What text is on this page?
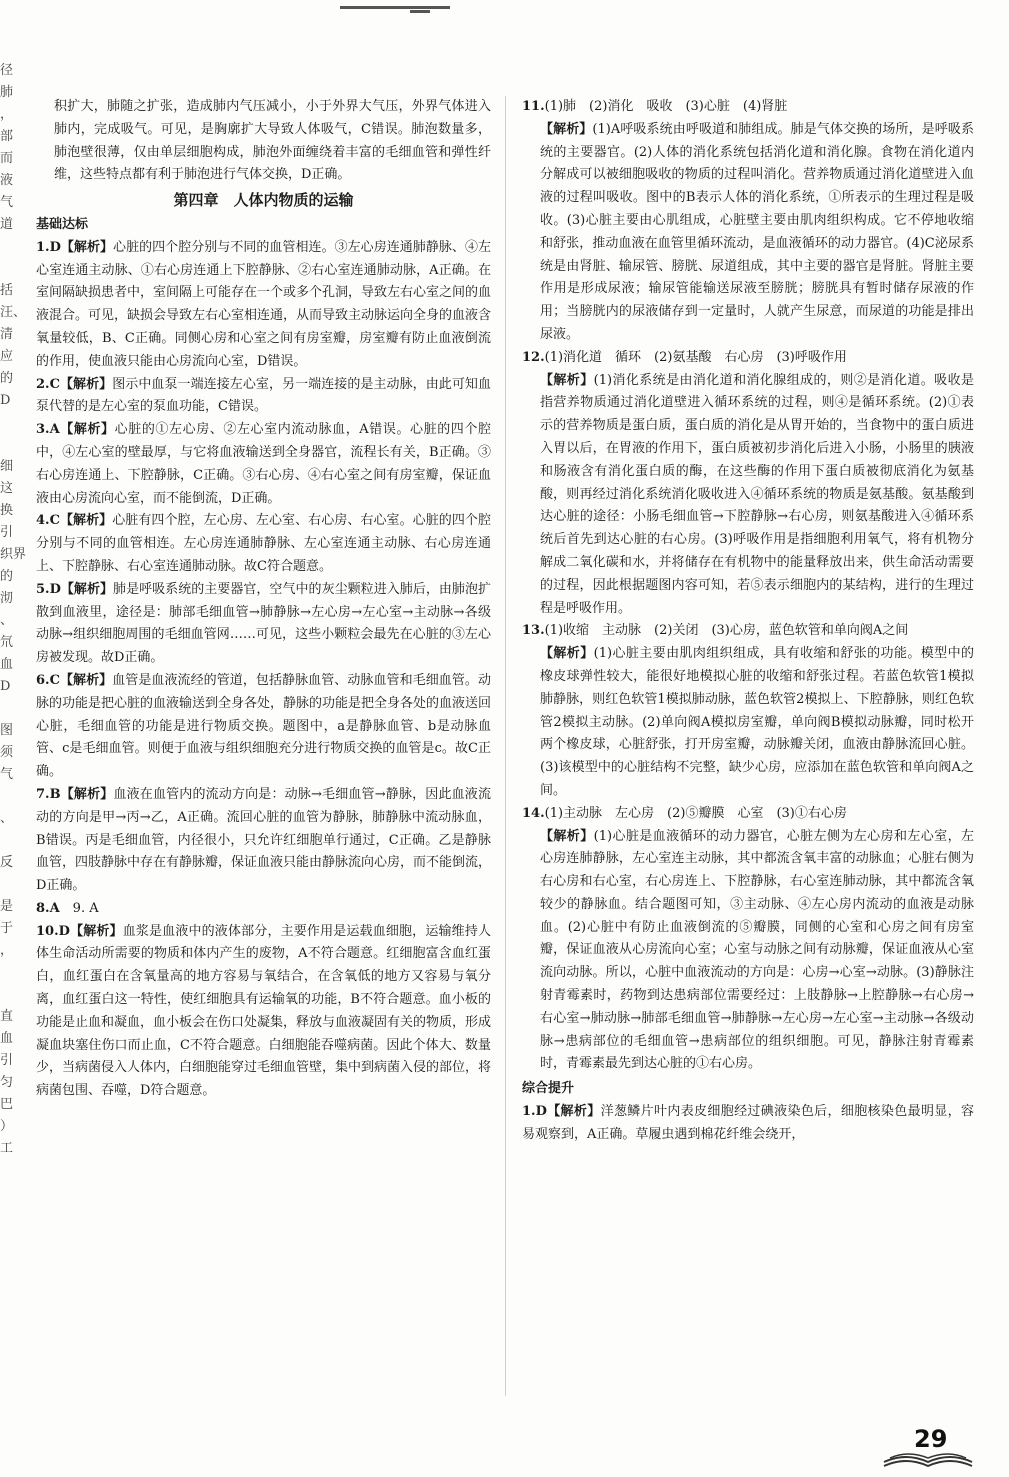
径
肺
，
部
而
液
气
道
括
汪、
清
应
的
D
细
这
换
引
织界
的
沏
、
氘
血
D
图
须
气
、
反
是
于
，
直
血
引
匀
巴
）
工

积扩大，肺随之扩张，造成肺内气压减小，小于外界大气压，外界气体进入肺内，完成吸气。可见，是胸廓扩大导致人体吸气，C错误。肺泡数量多，肺泡壁很薄，仅由单层细胞构成，肺泡外面缠绕着丰富的毛细血管和弹性纤维，这些特点都有利于肺泡进行气体交换，D正确。

第四章　人体内物质的运输
基础达标

1.D【解析】心脏的四个腔分别与不同的血管相连。③左心房连通肺静脉、④左心室连通主动脉、①右心房连通上下腔静脉、②右心室连通肺动脉，A正确。在室间隔缺损患者中，室间隔上可能存在一个或多个孔洞，导致左右心室之间的血液混合。可见，缺损会导致左右心室相连通，从而导致主动脉运向全身的血液含氧量较低，B、C正确。同侧心房和心室之间有房室瓣，房室瓣有防止血液倒流的作用，使血液只能由心房流向心室，D错误。

2.C【解析】图示中血泵一端连接左心室，另一端连接的是主动脉，由此可知血泵代替的是左心室的泵血功能，C错误。

3.A【解析】心脏的①左心房、②左心室内流动脉血，A错误。心脏的四个腔中，④左心室的壁最厚，与它将血液输送到全身器官，流程长有关，B正确。③右心房连通上、下腔静脉，C正确。③右心房、④右心室之间有房室瓣，保证血液由心房流向心室，而不能倒流，D正确。

4.C【解析】心脏有四个腔，左心房、左心室、右心房、右心室。心脏的四个腔分别与不同的血管相连。左心房连通肺静脉、左心室连通主动脉、右心房连通上、下腔静脉、右心室连通肺动脉。故C符合题意。

5.D【解析】肺是呼吸系统的主要器官，空气中的灰尘颗粒进入肺后，由肺泡扩散到血液里，途径是：肺部毛细血管→肺静脉→左心房→左心室→主动脉→各级动脉→组织细胞周围的毛细血管网……可见，这些小颗粒会最先在心脏的③左心房被发现。故D正确。

6.C【解析】血管是血液流经的管道，包括静脉血管、动脉血管和毛细血管。动脉的功能是把心脏的血液输送到全身各处，静脉的功能是把全身各处的血液送回心脏，毛细血管的功能是进行物质交换。题图中，a是静脉血管、b是动脉血管、c是毛细血管。则便于血液与组织细胞充分进行物质交换的血管是c。故C正确。

7.B【解析】血液在血管内的流动方向是：动脉→毛细血管→静脉，因此血液流动的方向是甲→丙→乙，A正确。流回心脏的血管为静脉，肺静脉中流动脉血，B错误。丙是毛细血管，内径很小，只允许红细胞单行通过，C正确。乙是静脉血管，四肢静脉中存在有静脉瓣，保证血液只能由静脉流向心房，而不能倒流，D正确。

8.A　9. A

10.D【解析】血浆是血液中的液体部分，主要作用是运载血细胞，运输维持人体生命活动所需要的物质和体内产生的废物，A不符合题意。红细胞富含血红蛋白，血红蛋白在含氧量高的地方容易与氧结合，在含氧低的地方又容易与氧分离，血红蛋白这一特性，使红细胞具有运输氧的功能，B不符合题意。血小板的功能是止血和凝血，血小板会在伤口处凝集，释放与血液凝固有关的物质，形成凝血块塞住伤口而止血，C不符合题意。白细胞能吞噬病菌。因此个体大、数量少，当病菌侵入人体内，白细胞能穿过毛细血管壁，集中到病菌入侵的部位，将病菌包围、吞噬，D符合题意。

11.(1)肺　(2)消化　吸收　(3)心脏　(4)肾脏

【解析】(1)A呼吸系统由呼吸道和肺组成。肺是气体交换的场所，是呼吸系统的主要器官。(2)人体的消化系统包括消化道和消化腺。食物在消化道内分解成可以被细胞吸收的物质的过程叫消化。营养物质通过消化道壁进入血液的过程叫吸收。图中的B表示人体的消化系统，①所表示的生理过程是吸收。(3)心脏主要由心肌组成，心脏壁主要由肌肉组织构成。它不停地收缩和舒张，推动血液在血管里循环流动，是血液循环的动力器官。(4)C泌尿系统是由肾脏、输尿管、膀胱、尿道组成，其中主要的器官是肾脏。肾脏主要作用是形成尿液；输尿管能输送尿液至膀胱；膀胱具有暂时储存尿液的作用；当膀胱内的尿液储存到一定量时，人就产生尿意，而尿道的功能是排出尿液。

12.(1)消化道　循环　(2)氨基酸　右心房　(3)呼吸作用

【解析】(1)消化系统是由消化道和消化腺组成的，则②是消化道。吸收是指营养物质通过消化道壁进入循环系统的过程，则④是循环系统。(2)①表示的营养物质是蛋白质，蛋白质的消化是从胃开始的，当食物中的蛋白质进入胃以后，在胃液的作用下，蛋白质被初步消化后进入小肠，小肠里的胰液和肠液含有消化蛋白质的酶，在这些酶的作用下蛋白质被彻底消化为氨基酸，则再经过消化系统消化吸收进入④循环系统的物质是氨基酸。氨基酸到达心脏的途径：小肠毛细血管→下腔静脉→右心房，则氨基酸进入④循环系统后首先到达心脏的右心房。(3)呼吸作用是指细胞利用氧气，将有机物分解成二氧化碳和水，并将储存在有机物中的能量释放出来，供生命活动需要的过程，因此根据题图内容可知，若⑤表示细胞内的某结构，进行的生理过程是呼吸作用。

13.(1)收缩　主动脉　(2)关闭　(3)心房，蓝色软管和单向阀A之间

【解析】(1)心脏主要由肌肉组织组成，具有收缩和舒张的功能。模型中的橡皮球弹性较大，能很好地模拟心脏的收缩和舒张过程。若蓝色软管1模拟肺静脉，则红色软管1模拟肺动脉，蓝色软管2模拟上、下腔静脉，则红色软管2模拟主动脉。(2)单向阀A模拟房室瓣，单向阀B模拟动脉瓣，同时松开两个橡皮球，心脏舒张，打开房室瓣，动脉瓣关闭，血液由静脉流回心脏。(3)该模型中的心脏结构不完整，缺少心房，应添加在蓝色软管和单向阀A之间。

14.(1)主动脉　左心房　(2)⑤瓣膜　心室　(3)①右心房

【解析】(1)心脏是血液循环的动力器官，心脏左侧为左心房和左心室，左心房连肺静脉，左心室连主动脉，其中都流含氧丰富的动脉血；心脏右侧为右心房和右心室，右心房连上、下腔静脉，右心室连肺动脉，其中都流含氧较少的静脉血。结合题图可知，③主动脉、④左心房内流动的血液是动脉血。(2)心脏中有防止血液倒流的⑤瓣膜，同侧的心室和心房之间有房室瓣，保证血液从心房流向心室；心室与动脉之间有动脉瓣，保证血液从心室流向动脉。所以，心脏中血液流动的方向是：心房→心室→动脉。(3)静脉注射青霉素时，药物到达患病部位需要经过：上肢静脉→上腔静脉→右心房→右心室→肺动脉→肺部毛细血管→肺静脉→左心房→左心室→主动脉→各级动脉→患病部位的毛细血管→患病部位的组织细胞。可见，静脉注射青霉素时，青霉素最先到达心脏的①右心房。

综合提升

1.D【解析】洋葱鳞片叶内表皮细胞经过碘液染色后，细胞核染色最明显，容易观察到，A正确。草履虫遇到棉花纤维会绕开，

29
